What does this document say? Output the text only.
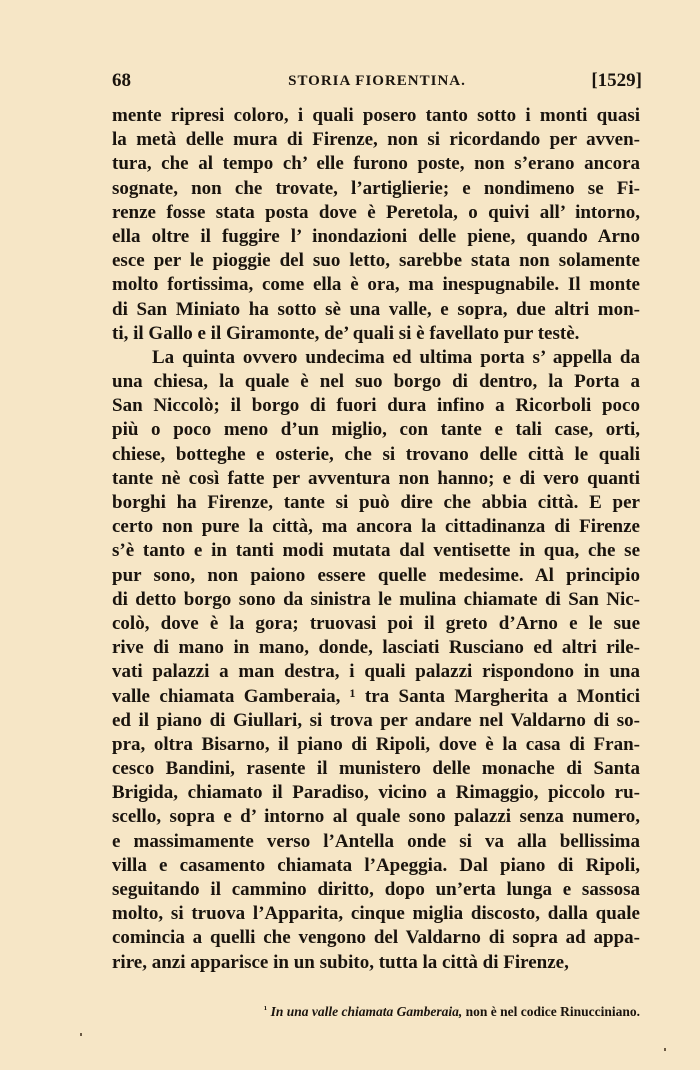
68	STORIA FIORENTINA.	[1529]
mente ripresi coloro, i quali posero tanto sotto i monti quasi
la metà delle mura di Firenze, non si ricordando per avven-
tura, che al tempo ch’ elle furono poste, non s’erano ancora
sognate, non che trovate, l’artiglierie; e nondimeno se Fi-
renze fosse stata posta dove è Peretola, o quivi all’ intorno,
ella oltre il fuggire l’ inondazioni delle piene, quando Arno
esce per le pioggie del suo letto, sarebbe stata non solamente
molto fortissima, come ella è ora, ma inespugnabile. Il monte
di San Miniato ha sotto sè una valle, e sopra, due altri mon-
ti, il Gallo e il Giramonte, de’ quali si è favellato pur testè.
La quinta ovvero undecima ed ultima porta s’ appella da
una chiesa, la quale è nel suo borgo di dentro, la Porta a
San Niccolò; il borgo di fuori dura infino a Ricorboli poco
più o poco meno d’un miglio, con tante e tali case, orti,
chiese, botteghe e osterie, che si trovano delle città le quali
tante nè così fatte per avventura non hanno; e di vero quanti
borghi ha Firenze, tante si può dire che abbia città. E per
certo non pure la città, ma ancora la cittadinanza di Firenze
s’è tanto e in tanti modi mutata dal ventisette in qua, che se
pur sono, non paiono essere quelle medesime. Al principio
di detto borgo sono da sinistra le mulina chiamate di San Nic-
colò, dove è la gora; truovasi poi il greto d’Arno e le sue
rive di mano in mano, donde, lasciati Rusciano ed altri rile-
vati palazzi a man destra, i quali palazzi rispondono in una
valle chiamata Gamberaia, ¹ tra Santa Margherita a Montici
ed il piano di Giullari, si trova per andare nel Valdarno di so-
pra, oltra Bisarno, il piano di Ripoli, dove è la casa di Fran-
cesco Bandini, rasente il munistero delle monache di Santa
Brigida, chiamato il Paradiso, vicino a Rimaggio, piccolo ru-
scello, sopra e d’ intorno al quale sono palazzi senza numero,
e massimamente verso l’Antella onde si va alla bellissima
villa e casamento chiamata l’Apeggia. Dal piano di Ripoli,
seguitando il cammino diritto, dopo un’erta lunga e sassosa
molto, si truova l’Apparita, cinque miglia discosto, dalla quale
comincia a quelli che vengono del Valdarno di sopra ad appa-
rire, anzi apparisce in un subito, tutta la città di Firenze,
$^{^1}$ In una valle chiamata Gamberaia, non è nel codice Rinucciniano.
